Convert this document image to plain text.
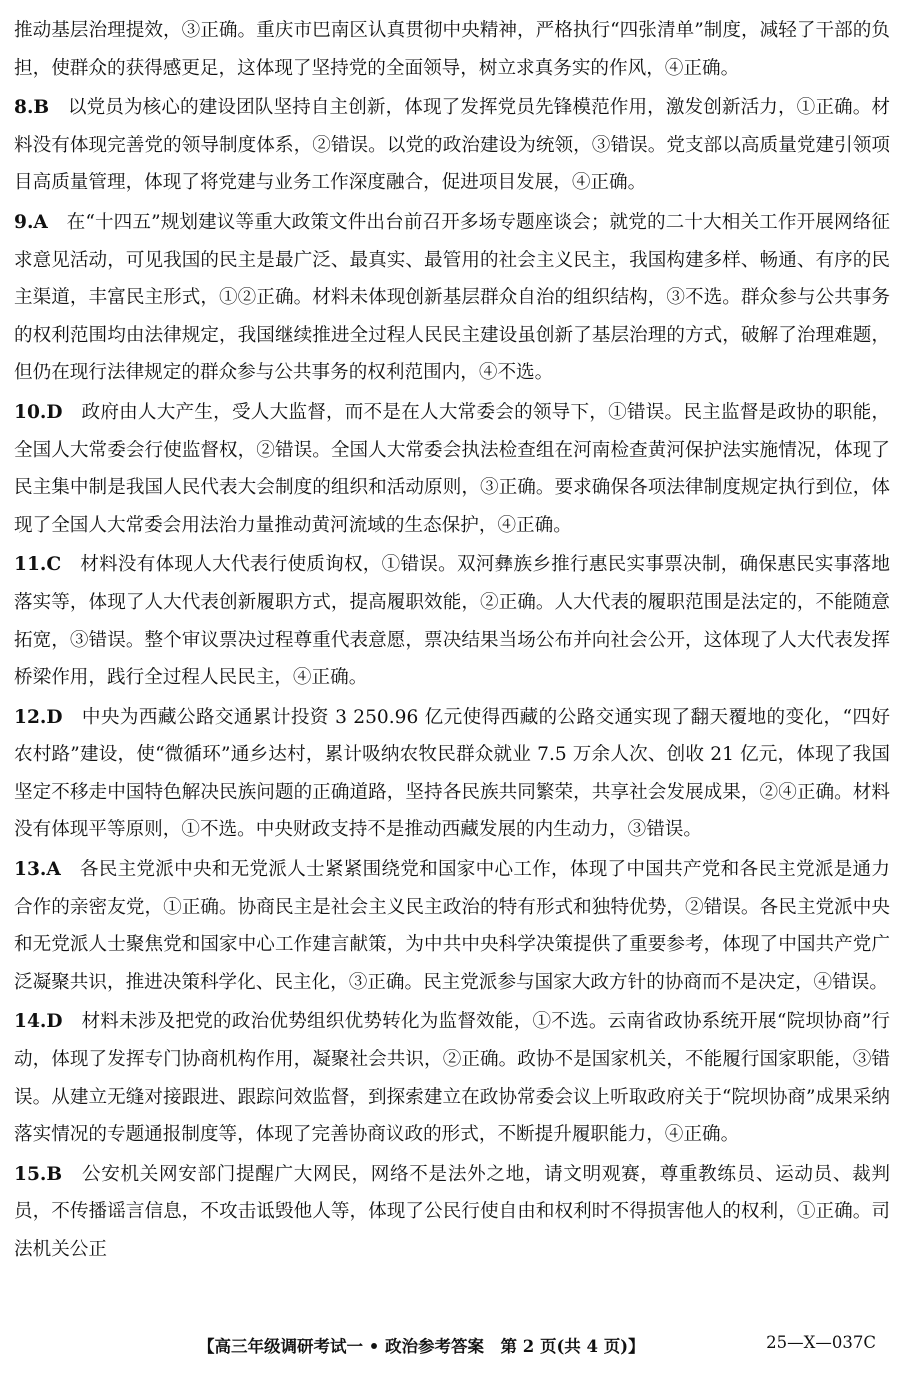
推动基层治理提效，③正确。重庆市巴南区认真贯彻中央精神，严格执行“四张清单”制度，减轻了干部的负担，使群众的获得感更足，这体现了坚持党的全面领导，树立求真务实的作风，④正确。

8.B　 以党员为核心的建设团队坚持自主创新，体现了发挥党员先锋模范作用，激发创新活力，①正确。材料没有体现完善党的领导制度体系，②错误。以党的政治建设为统领，③错误。党支部以高质量党建引领项目高质量管理，体现了将党建与业务工作深度融合，促进项目发展，④正确。

9.A　 在“十四五”规划建议等重大政策文件出台前召开多场专题座谈会；就党的二十大相关工作开展网络征求意见活动，可见我国的民主是最广泛、最真实、最管用的社会主义民主，我国构建多样、畅通、有序的民主渠道，丰富民主形式，①②正确。材料未体现创新基层群众自治的组织结构，③不选。群众参与公共事务的权利范围均由法律规定，我国继续推进全过程人民民主建设虽创新了基层治理的方式，破解了治理难题，但仍在现行法律规定的群众参与公共事务的权利范围内，④不选。

10.D　 政府由人大产生，受人大监督，而不是在人大常委会的领导下，①错误。民主监督是政协的职能，全国人大常委会行使监督权，②错误。全国人大常委会执法检查组在河南检查黄河保护法实施情况，体现了民主集中制是我国人民代表大会制度的组织和活动原则，③正确。要求确保各项法律制度规定执行到位，体现了全国人大常委会用法治力量推动黄河流域的生态保护，④正确。

11.C　 材料没有体现人大代表行使质询权，①错误。双河彝族乡推行惠民实事票决制，确保惠民实事落地落实等，体现了人大代表创新履职方式，提高履职效能，②正确。人大代表的履职范围是法定的，不能随意拓宽，③错误。整个审议票决过程尊重代表意愿，票决结果当场公布并向社会公开，这体现了人大代表发挥桥梁作用，践行全过程人民民主，④正确。

12.D　 中央为西藏公路交通累计投资 3 250.96 亿元使得西藏的公路交通实现了翻天覆地的变化，“四好农村路”建设，使“微循环”通乡达村，累计吸纳农牧民群众就业 7.5 万余人次、创收 21 亿元，体现了我国坚定不移走中国特色解决民族问题的正确道路，坚持各民族共同繁荣，共享社会发展成果，②④正确。材料没有体现平等原则，①不选。中央财政支持不是推动西藏发展的内生动力，③错误。

13.A　 各民主党派中央和无党派人士紧紧围绕党和国家中心工作，体现了中国共产党和各民主党派是通力合作的亲密友党，①正确。协商民主是社会主义民主政治的特有形式和独特优势，②错误。各民主党派中央和无党派人士聚焦党和国家中心工作建言献策，为中共中央科学决策提供了重要参考，体现了中国共产党广泛凝聚共识，推进决策科学化、民主化，③正确。民主党派参与国家大政方针的协商而不是决定，④错误。

14.D　 材料未涉及把党的政治优势组织优势转化为监督效能，①不选。云南省政协系统开展“院坝协商”行动，体现了发挥专门协商机构作用，凝聚社会共识，②正确。政协不是国家机关，不能履行国家职能，③错误。从建立无缝对接跟进、跟踪问效监督，到探索建立在政协常委会议上听取政府关于“院坝协商”成果采纳落实情况的专题通报制度等，体现了完善协商议政的形式，不断提升履职能力，④正确。

15.B　 公安机关网安部门提醒广大网民，网络不是法外之地，请文明观赛，尊重教练员、运动员、裁判员，不传播谣言信息，不攻击诋毁他人等，体现了公民行使自由和权利时不得损害他人的权利，①正确。司法机关公正

【高三年级调研考试一 • 政治参考答案　第 2 页(共 4 页)】	25—X—037C
